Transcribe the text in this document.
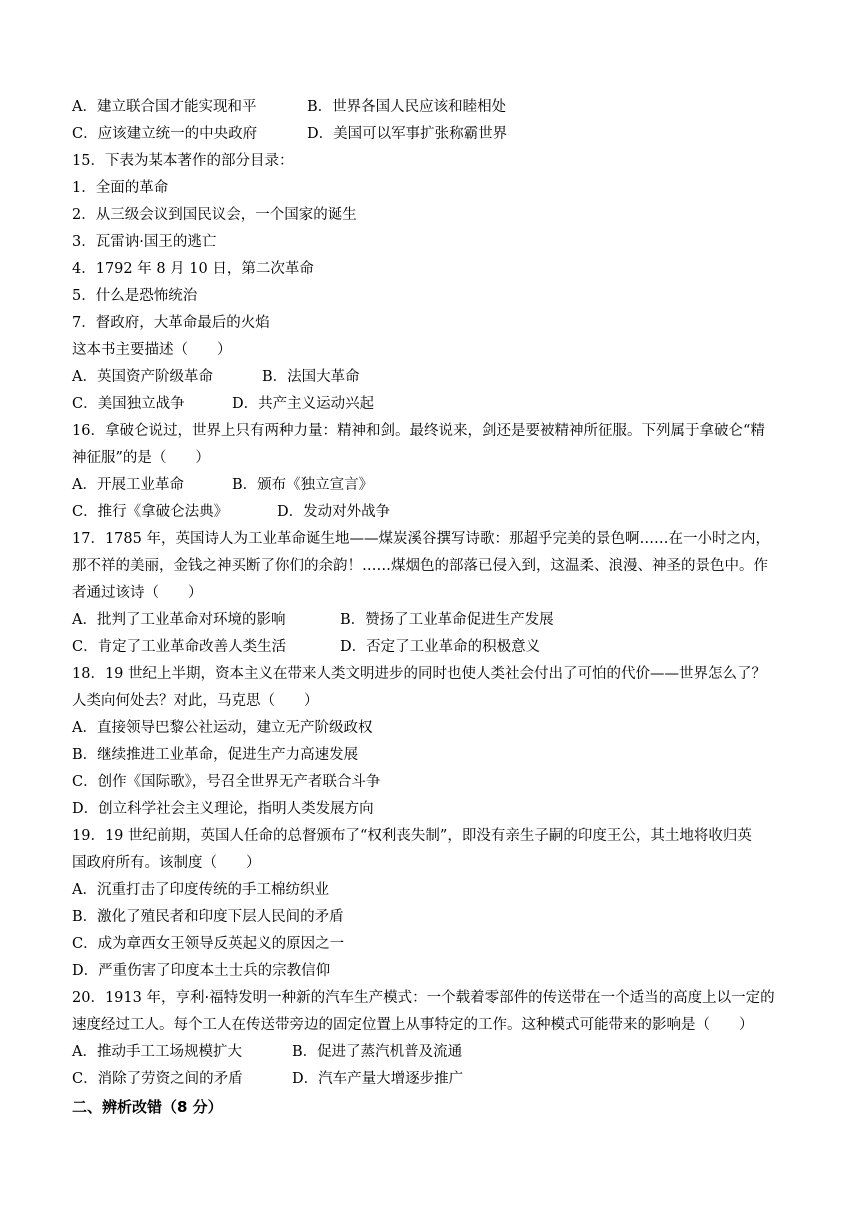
A．建立联合国才能实现和平	B．世界各国人民应该和睦相处
C．应该建立统一的中央政府	D．美国可以军事扩张称霸世界
15．下表为某本著作的部分目录：
1．全面的革命
2．从三级会议到国民议会，一个国家的诞生
3．瓦雷讷·国王的逃亡
4．1792 年 8 月 10 日，第二次革命
5．什么是恐怖统治
7．督政府，大革命最后的火焰
这本书主要描述（　　）
A．英国资产阶级革命	B．法国大革命
C．美国独立战争	D．共产主义运动兴起
16．拿破仑说过，世界上只有两种力量：精神和剑。最终说来，剑还是要被精神所征服。下列属于拿破仑“精
神征服”的是（　　）
A．开展工业革命	B．颁布《独立宣言》
C．推行《拿破仑法典》	D．发动对外战争
17．1785 年，英国诗人为工业革命诞生地——煤炭溪谷撰写诗歌：那超乎完美的景色啊……在一小时之内，
那不祥的美丽，金钱之神买断了你们的余韵！……煤烟色的部落已侵入到，这温柔、浪漫、神圣的景色中。作
者通过该诗（　　）
A．批判了工业革命对环境的影响	B．赞扬了工业革命促进生产发展
C．肯定了工业革命改善人类生活	D．否定了工业革命的积极意义
18．19 世纪上半期，资本主义在带来人类文明进步的同时也使人类社会付出了可怕的代价——世界怎么了？
人类向何处去？对此，马克思（　　）
A．直接领导巴黎公社运动，建立无产阶级政权
B．继续推进工业革命，促进生产力高速发展
C．创作《国际歌》，号召全世界无产者联合斗争
D．创立科学社会主义理论，指明人类发展方向
19．19 世纪前期，英国人任命的总督颁布了“权利丧失制”，即没有亲生子嗣的印度王公，其土地将收归英
国政府所有。该制度（　　）
A．沉重打击了印度传统的手工棉纺织业
B．激化了殖民者和印度下层人民间的矛盾
C．成为章西女王领导反英起义的原因之一
D．严重伤害了印度本土士兵的宗教信仰
20．1913 年，亨利·福特发明一种新的汽车生产模式：一个载着零部件的传送带在一个适当的高度上以一定的
速度经过工人。每个工人在传送带旁边的固定位置上从事特定的工作。这种模式可能带来的影响是（　　）
A．推动手工工场规模扩大	B．促进了蒸汽机普及流通
C．消除了劳资之间的矛盾	D．汽车产量大增逐步推广
二、辨析改错（8 分）
